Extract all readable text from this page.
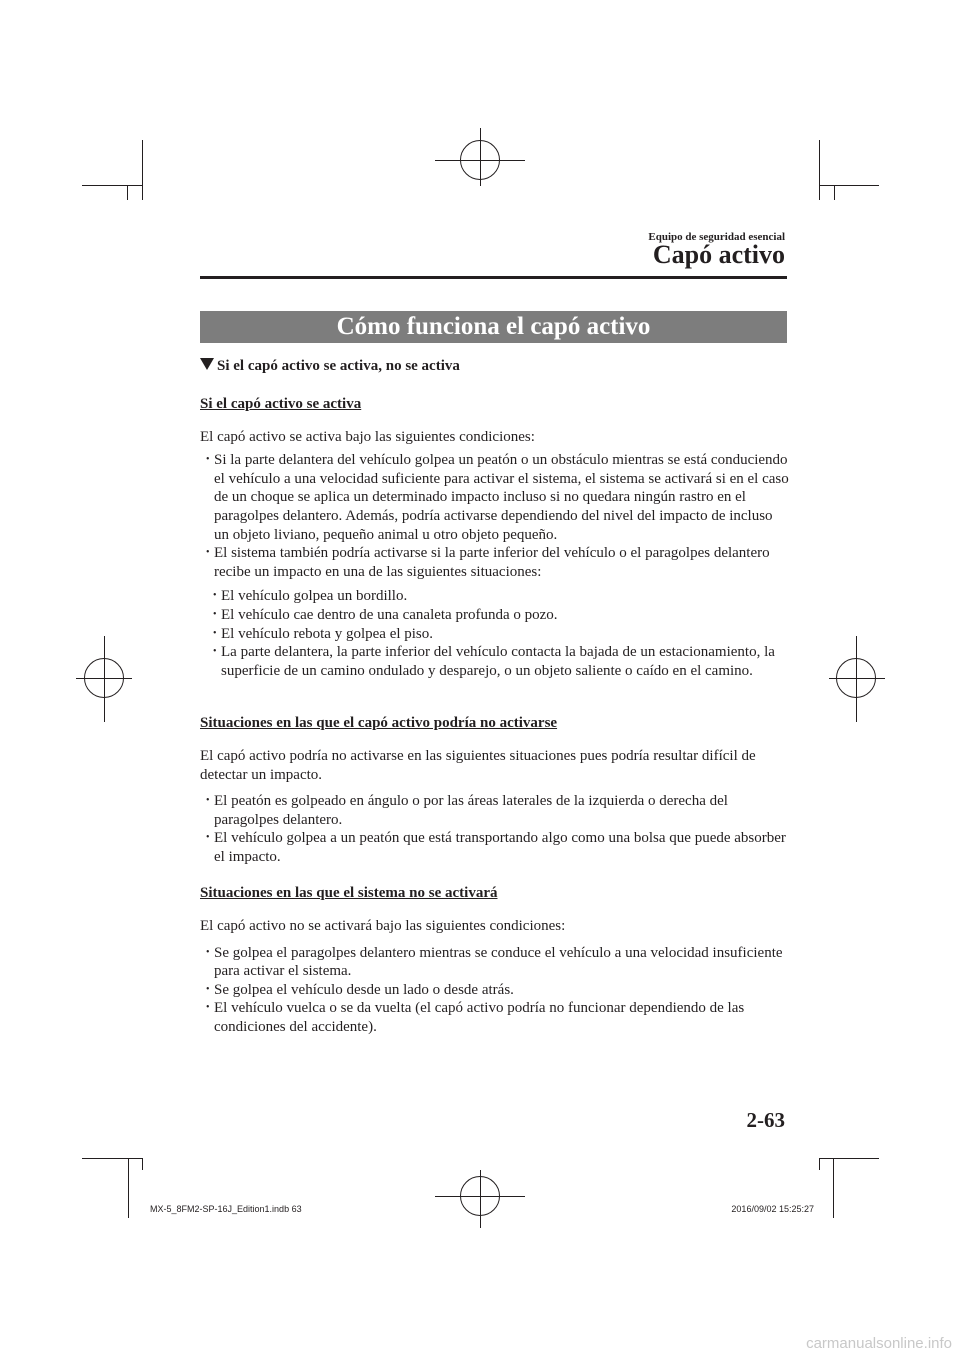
Equipo de seguridad esencial
Capó activo
Cómo funciona el capó activo
Si el capó activo se activa, no se activa

Si el capó activo se activa

El capó activo se activa bajo las siguientes condiciones:

• Si la parte delantera del vehículo golpea un peatón o un obstáculo mientras se está conduciendo el vehículo a una velocidad suficiente para activar el sistema, el sistema se activará si en el caso de un choque se aplica un determinado impacto incluso si no quedara ningún rastro en el paragolpes delantero. Además, podría activarse dependiendo del nivel del impacto de incluso un objeto liviano, pequeño animal u otro objeto pequeño.

• El sistema también podría activarse si la parte inferior del vehículo o el paragolpes delantero recibe un impacto en una de las siguientes situaciones:

• El vehículo golpea un bordillo.

• El vehículo cae dentro de una canaleta profunda o pozo.

• El vehículo rebota y golpea el piso.

• La parte delantera, la parte inferior del vehículo contacta la bajada de un estacionamiento, la superficie de un camino ondulado y desparejo, o un objeto saliente o caído en el camino.

Situaciones en las que el capó activo podría no activarse

El capó activo podría no activarse en las siguientes situaciones pues podría resultar difícil de detectar un impacto.

• El peatón es golpeado en ángulo o por las áreas laterales de la izquierda o derecha del paragolpes delantero.

• El vehículo golpea a un peatón que está transportando algo como una bolsa que puede absorber el impacto.

Situaciones en las que el sistema no se activará

El capó activo no se activará bajo las siguientes condiciones:

• Se golpea el paragolpes delantero mientras se conduce el vehículo a una velocidad insuficiente para activar el sistema.

• Se golpea el vehículo desde un lado o desde atrás.

• El vehículo vuelca o se da vuelta (el capó activo podría no funcionar dependiendo de las condiciones del accidente).

2-63
MX-5_8FM2-SP-16J_Edition1.indb 63	2016/09/02 15:25:27
carmanualsonline.info
